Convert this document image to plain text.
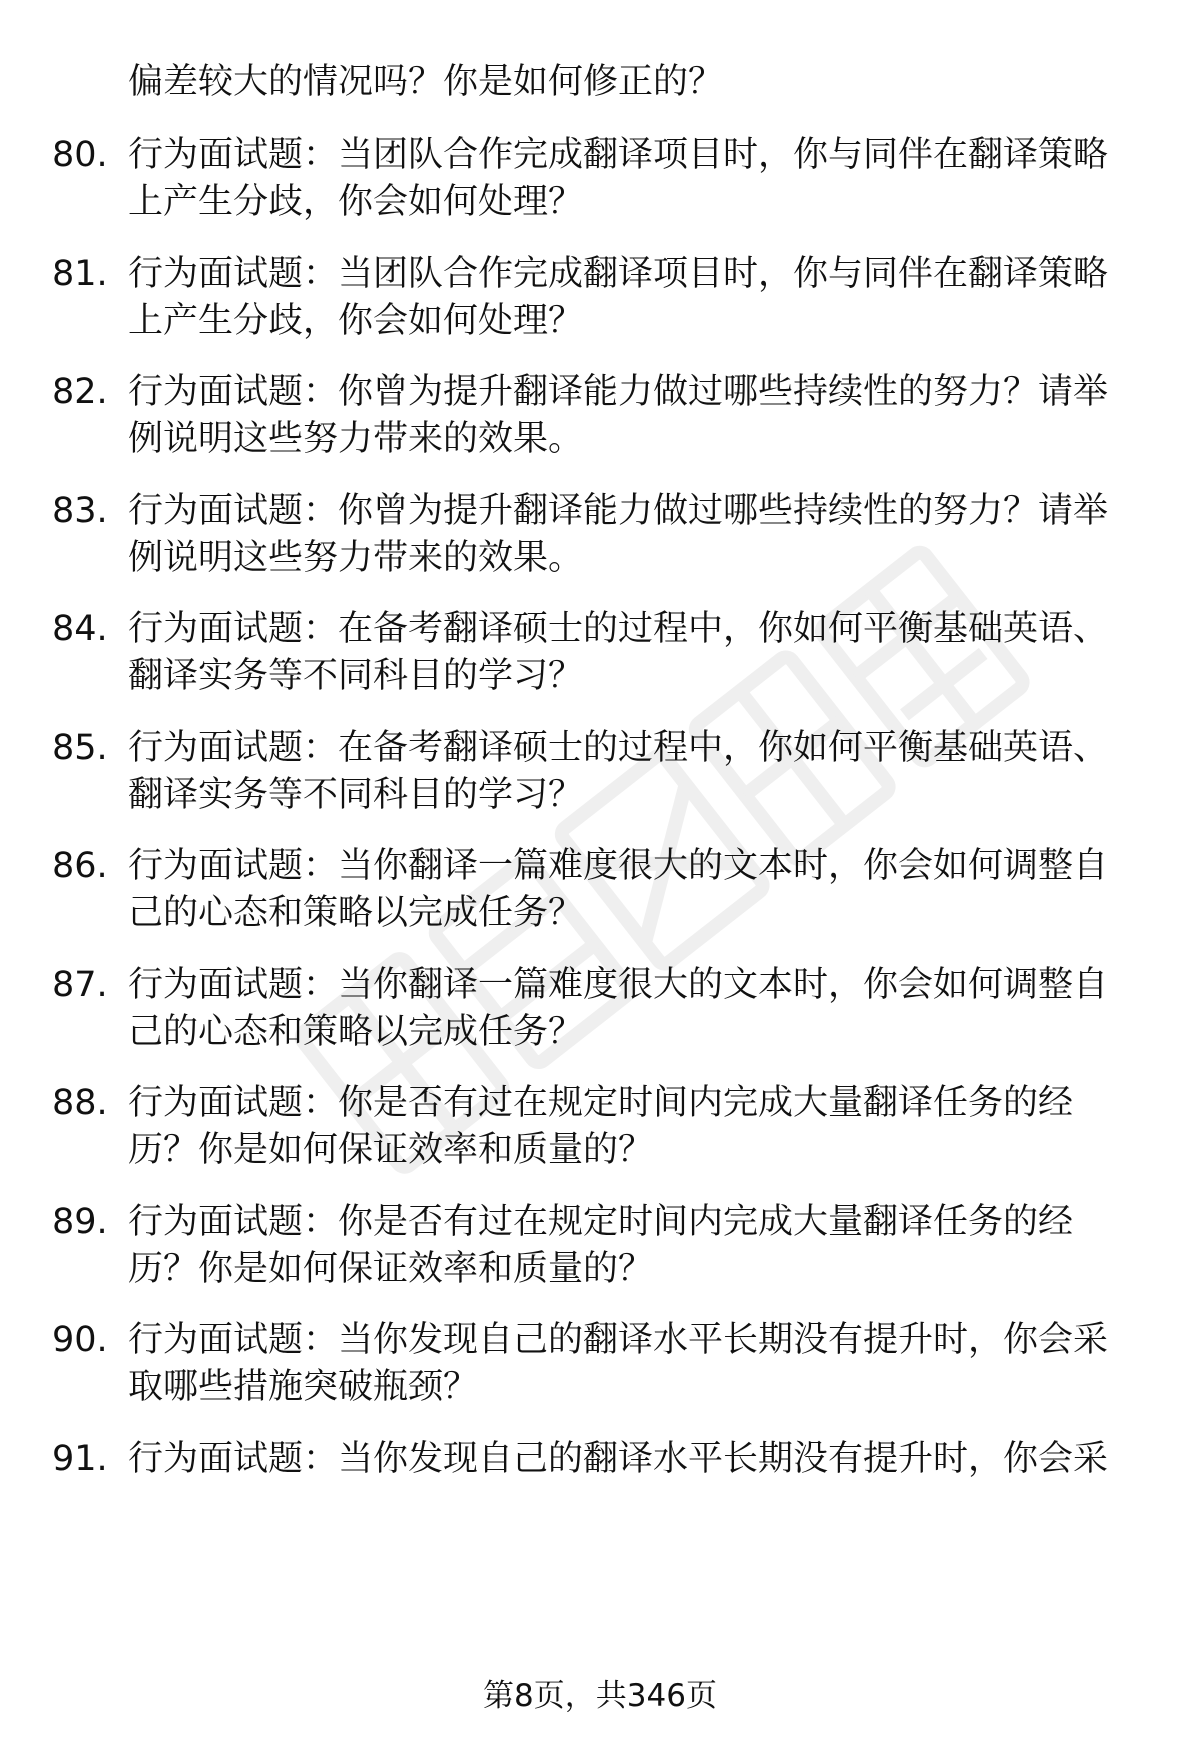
偏差较大的情况吗？你是如何修正的？
80. 行为面试题：当团队合作完成翻译项目时，你与同伴在翻译策略
上产生分歧，你会如何处理？
81. 行为面试题：当团队合作完成翻译项目时，你与同伴在翻译策略
上产生分歧，你会如何处理？
82. 行为面试题：你曾为提升翻译能力做过哪些持续性的努力？请举
例说明这些努力带来的效果。
83. 行为面试题：你曾为提升翻译能力做过哪些持续性的努力？请举
例说明这些努力带来的效果。
84. 行为面试题：在备考翻译硕士的过程中，你如何平衡基础英语、
翻译实务等不同科目的学习？
85. 行为面试题：在备考翻译硕士的过程中，你如何平衡基础英语、
翻译实务等不同科目的学习？
86. 行为面试题：当你翻译一篇难度很大的文本时，你会如何调整自
己的心态和策略以完成任务？
87. 行为面试题：当你翻译一篇难度很大的文本时，你会如何调整自
己的心态和策略以完成任务？
88. 行为面试题：你是否有过在规定时间内完成大量翻译任务的经
历？你是如何保证效率和质量的？
89. 行为面试题：你是否有过在规定时间内完成大量翻译任务的经
历？你是如何保证效率和质量的？
90. 行为面试题：当你发现自己的翻译水平长期没有提升时，你会采
取哪些措施突破瓶颈？
91. 行为面试题：当你发现自己的翻译水平长期没有提升时，你会采
第8页，共346页
